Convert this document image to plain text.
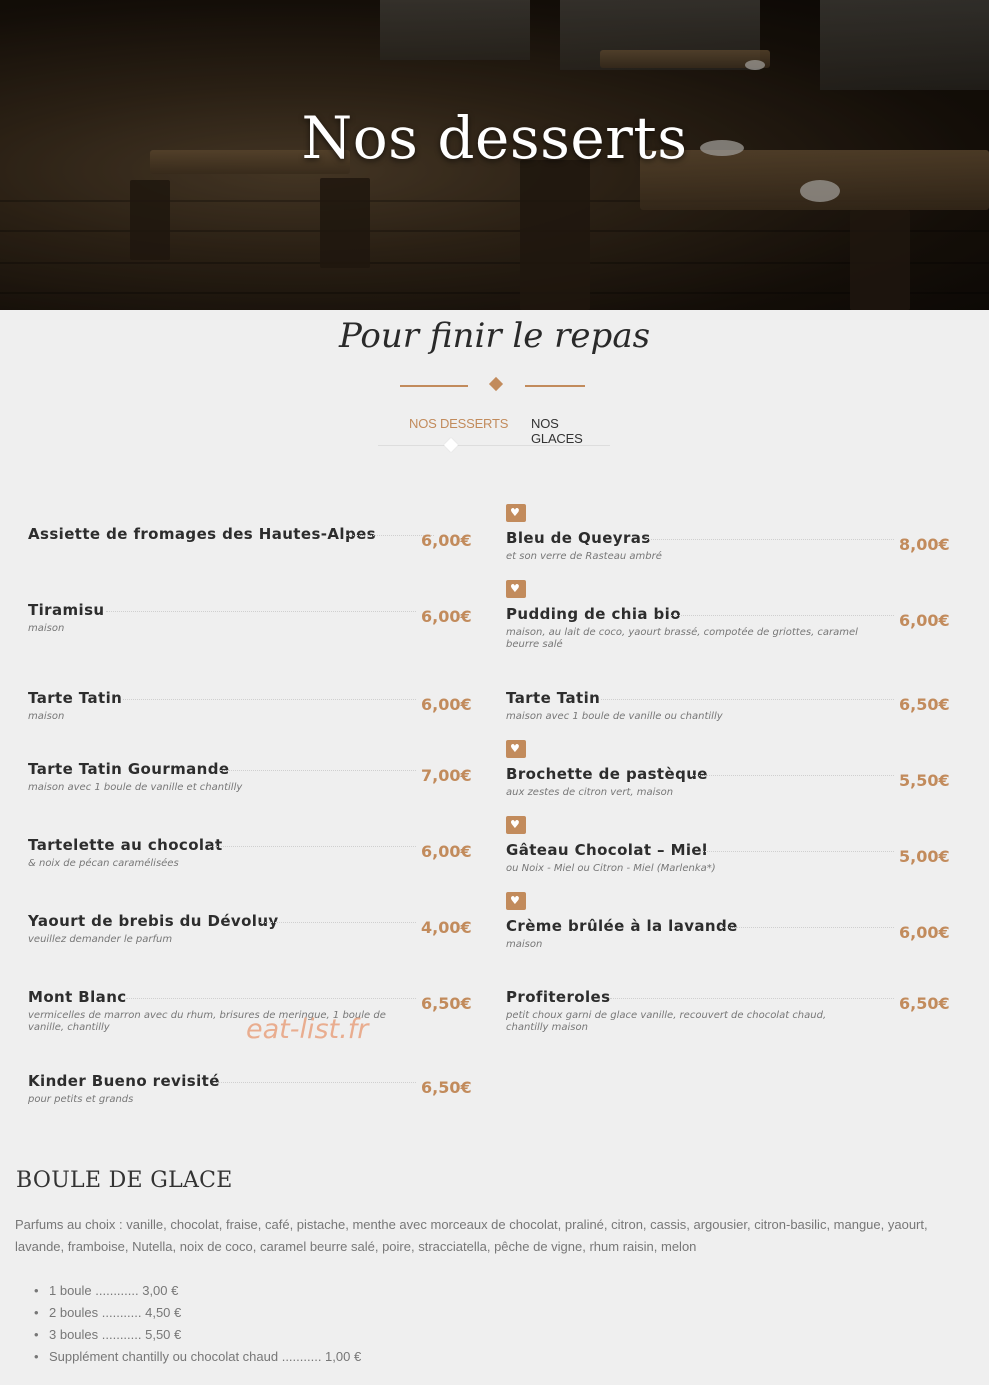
Nos desserts
Pour finir le repas
NOS DESSERTS NOS GLACES
Assiette de fromages des Hautes-Alpes	6,00€
Tiramisu
maison
6,00€
Tarte Tatin
maison
6,00€
Tarte Tatin Gourmande
maison avec 1 boule de vanille et chantilly
7,00€
Tartelette au chocolat
& noix de pécan caramélisées
6,00€
Yaourt de brebis du Dévoluy
veuillez demander le parfum
4,00€
Mont Blanc
vermicelles de marron avec du rhum, brisures de meringue, 1 boule de vanille, chantilly
6,50€
Kinder Bueno revisité
pour petits et grands
6,50€
♥
Bleu de Queyras
et son verre de Rasteau ambré
8,00€
♥
Pudding de chia bio
maison, au lait de coco, yaourt brassé, compotée de griottes, caramel beurre salé
6,00€
Tarte Tatin
maison avec 1 boule de vanille ou chantilly
6,50€
♥
Brochette de pastèque
aux zestes de citron vert, maison
5,50€
♥
Gâteau Chocolat – Miel
ou Noix - Miel ou Citron - Miel (Marlenka*)
5,00€
♥
Crème brûlée à la lavande
maison
6,00€
Profiteroles
petit choux garni de glace vanille, recouvert de chocolat chaud, chantilly maison
6,50€
eat-list.fr
BOULE DE GLACE
Parfums au choix : vanille, chocolat, fraise, café, pistache, menthe avec morceaux de chocolat, praliné, citron, cassis, argousier, citron-basilic, mangue, yaourt, lavande, framboise, Nutella, noix de coco, caramel beurre salé, poire, stracciatella, pêche de vigne, rhum raisin, melon
• 1 boule ............ 3,00 €
• 2 boules ........... 4,50 €
• 3 boules ........... 5,50 €
• Supplément chantilly ou chocolat chaud ........... 1,00 €
